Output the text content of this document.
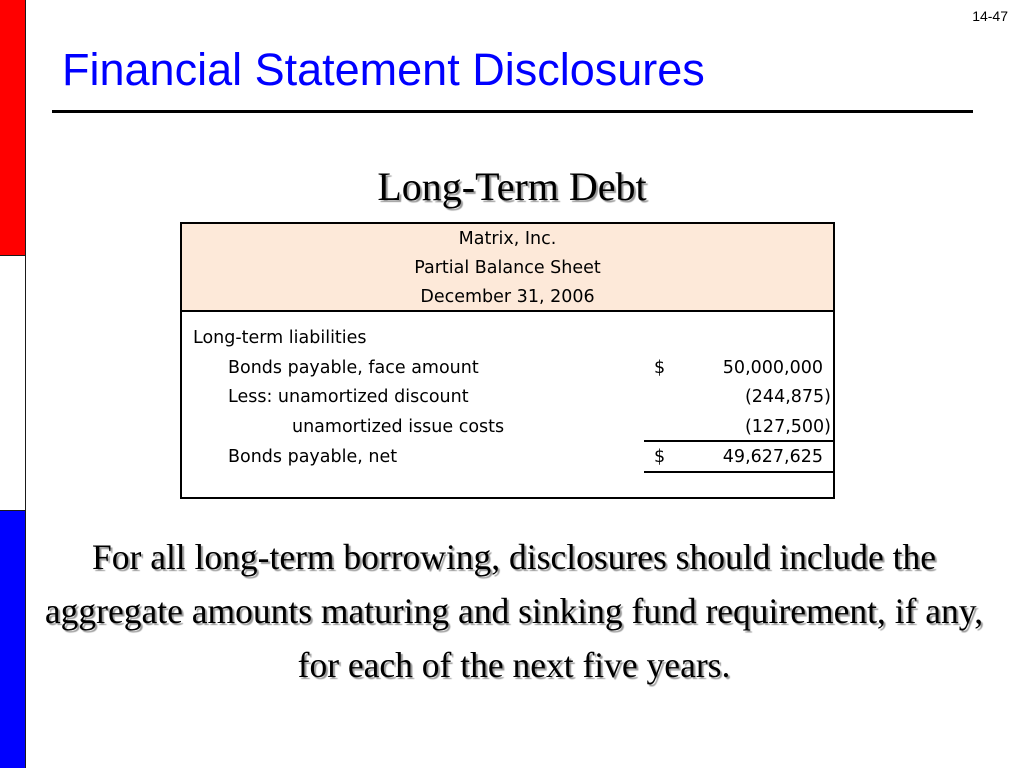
14-47
Financial Statement Disclosures
Long-Term Debt
Matrix, Inc.
Partial Balance Sheet
December 31, 2006
Long-term liabilities
Bonds payable, face amount	$	50,000,000
Less: unamortized discount	(244,875)
unamortized issue costs	(127,500)
Bonds payable, net	$	49,627,625
For all long-term borrowing, disclosures should include the aggregate amounts maturing and sinking fund requirement, if any, for each of the next five years.
